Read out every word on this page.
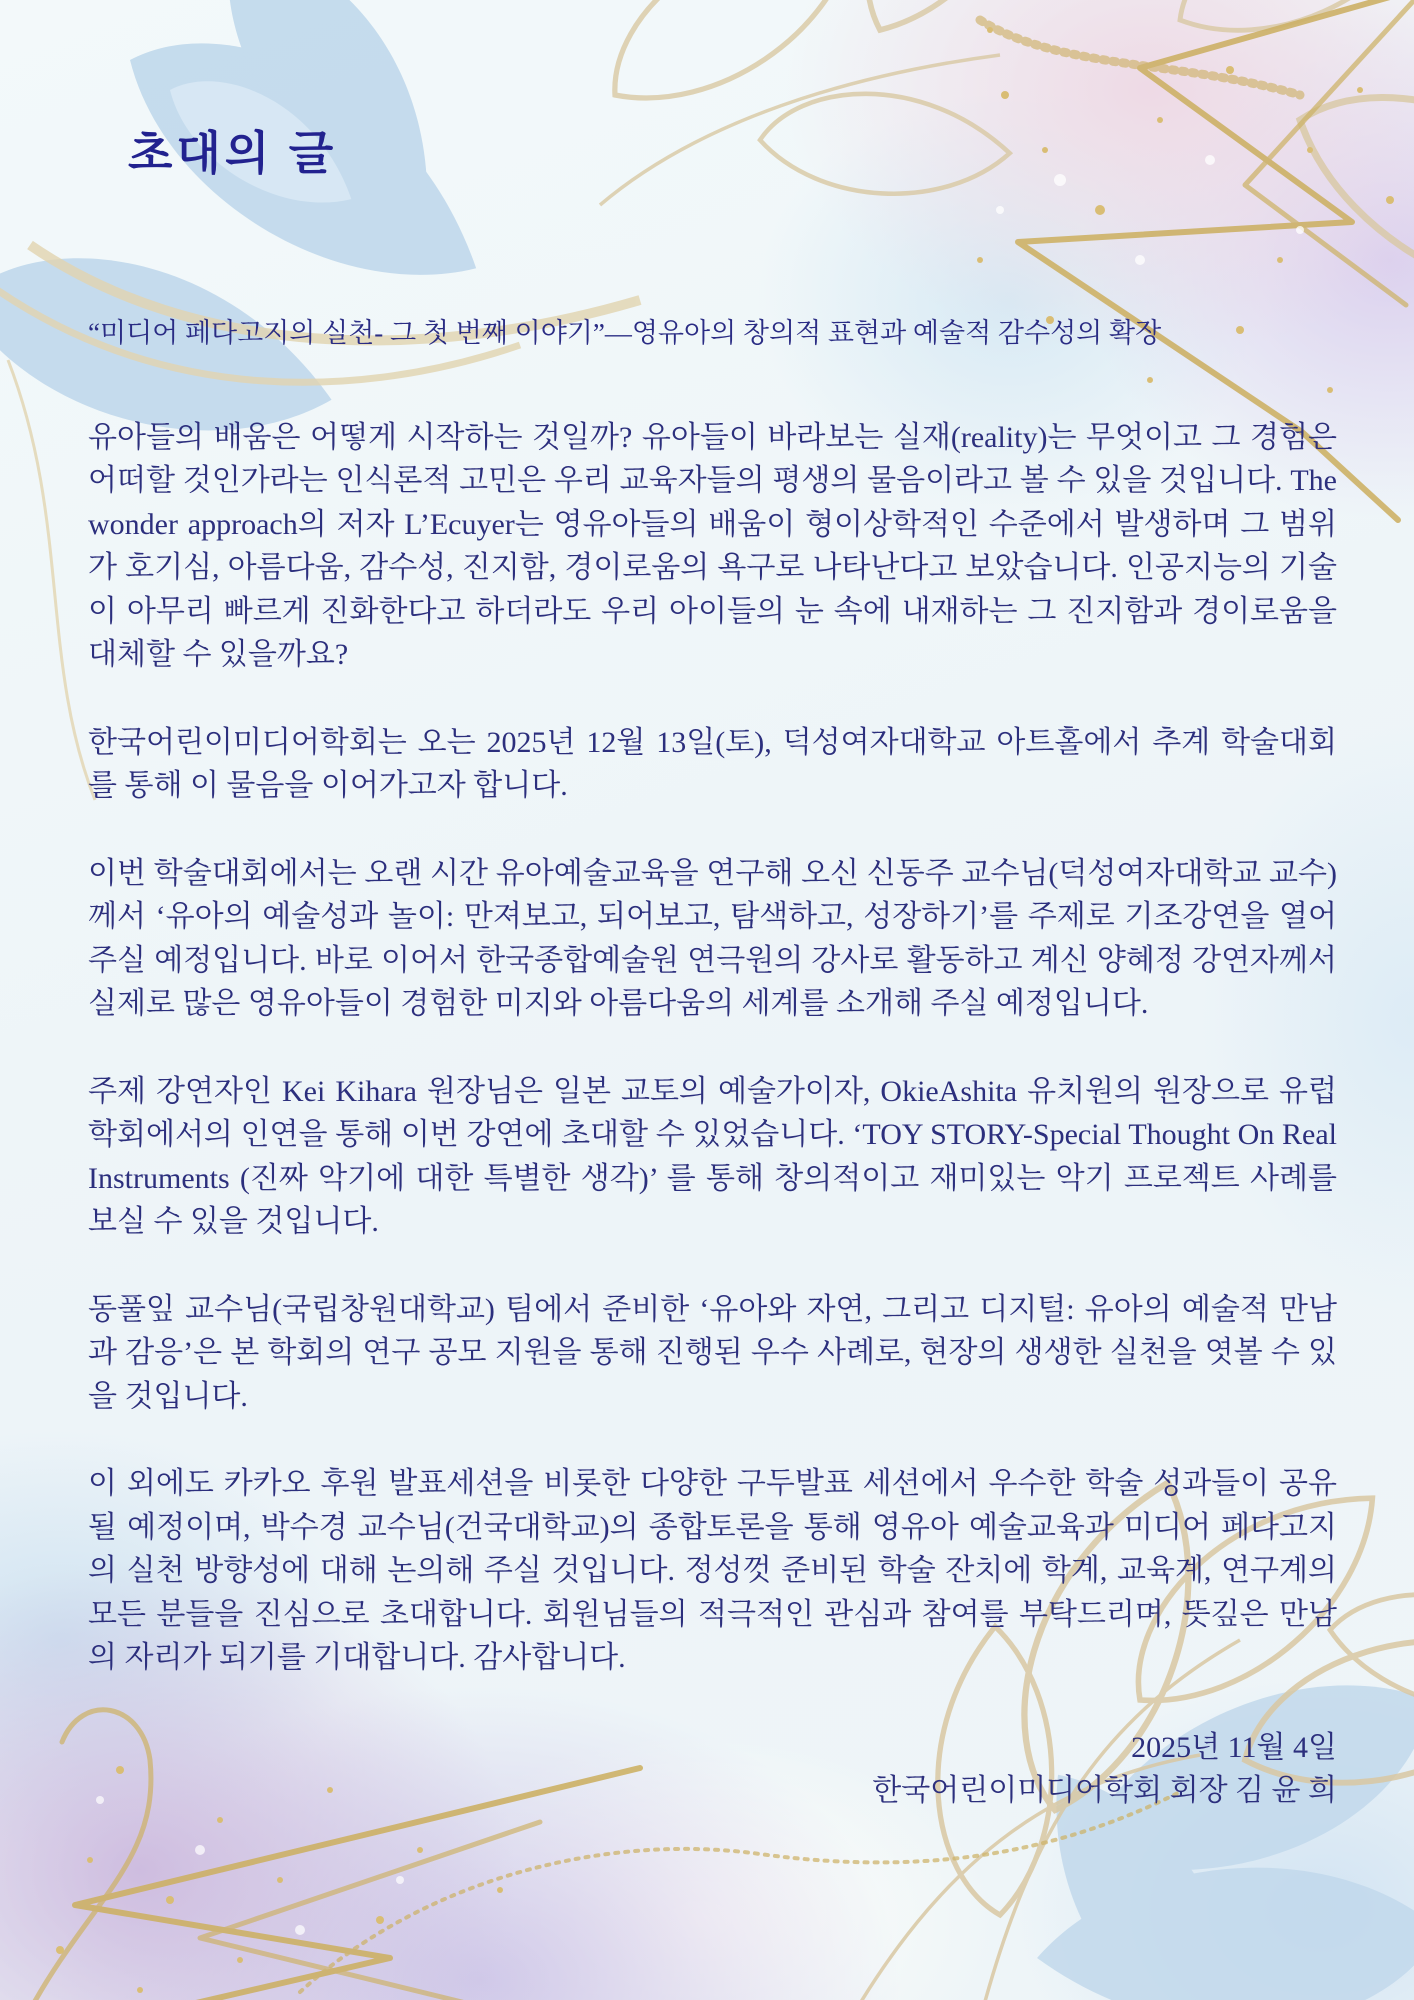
초대의 글
“미디어 페다고지의 실천- 그 첫 번째 이야기”—영유아의 창의적 표현과 예술적 감수성의 확장

유아들의 배움은 어떻게 시작하는 것일까? 유아들이 바라보는 실재(reality)는 무엇이고 그 경험은 어떠할 것인가라는 인식론적 고민은 우리 교육자들의 평생의 물음이라고 볼 수 있을 것입니다. The wonder approach의 저자 L’Ecuyer는 영유아들의 배움이 형이상학적인 수준에서 발생하며 그 범위가 호기심, 아름다움, 감수성, 진지함, 경이로움의 욕구로 나타난다고 보았습니다. 인공지능의 기술이 아무리 빠르게 진화한다고 하더라도 우리 아이들의 눈 속에 내재하는 그 진지함과 경이로움을 대체할 수 있을까요?

한국어린이미디어학회는 오는 2025년 12월 13일(토), 덕성여자대학교 아트홀에서 추계 학술대회를 통해 이 물음을 이어가고자 합니다.

이번 학술대회에서는 오랜 시간 유아예술교육을 연구해 오신 신동주 교수님(덕성여자대학교 교수)께서 ‘유아의 예술성과 놀이: 만져보고, 되어보고, 탐색하고, 성장하기’를 주제로 기조강연을 열어주실 예정입니다. 바로 이어서 한국종합예술원 연극원의 강사로 활동하고 계신 양혜정 강연자께서 실제로 많은 영유아들이 경험한 미지와 아름다움의 세계를 소개해 주실 예정입니다.

주제 강연자인 Kei Kihara 원장님은 일본 교토의 예술가이자, OkieAshita 유치원의 원장으로 유럽학회에서의 인연을 통해 이번 강연에 초대할 수 있었습니다. ‘TOY STORY-Special Thought On Real Instruments (진짜 악기에 대한 특별한 생각)’ 를 통해 창의적이고 재미있는 악기 프로젝트 사례를 보실 수 있을 것입니다.

동풀잎 교수님(국립창원대학교) 팀에서 준비한 ‘유아와 자연, 그리고 디지털: 유아의 예술적 만남과 감응’은 본 학회의 연구 공모 지원을 통해 진행된 우수 사례로, 현장의 생생한 실천을 엿볼 수 있을 것입니다.

이 외에도 카카오 후원 발표세션을 비롯한 다양한 구두발표 세션에서 우수한 학술 성과들이 공유될 예정이며, 박수경 교수님(건국대학교)의 종합토론을 통해 영유아 예술교육과 미디어 페다고지의 실천 방향성에 대해 논의해 주실 것입니다. 정성껏 준비된 학술 잔치에 학계, 교육계, 연구계의 모든 분들을 진심으로 초대합니다. 회원님들의 적극적인 관심과 참여를 부탁드리며, 뜻깊은 만남의 자리가 되기를 기대합니다. 감사합니다.

2025년 11월 4일
한국어린이미디어학회 회장 김 윤 희
